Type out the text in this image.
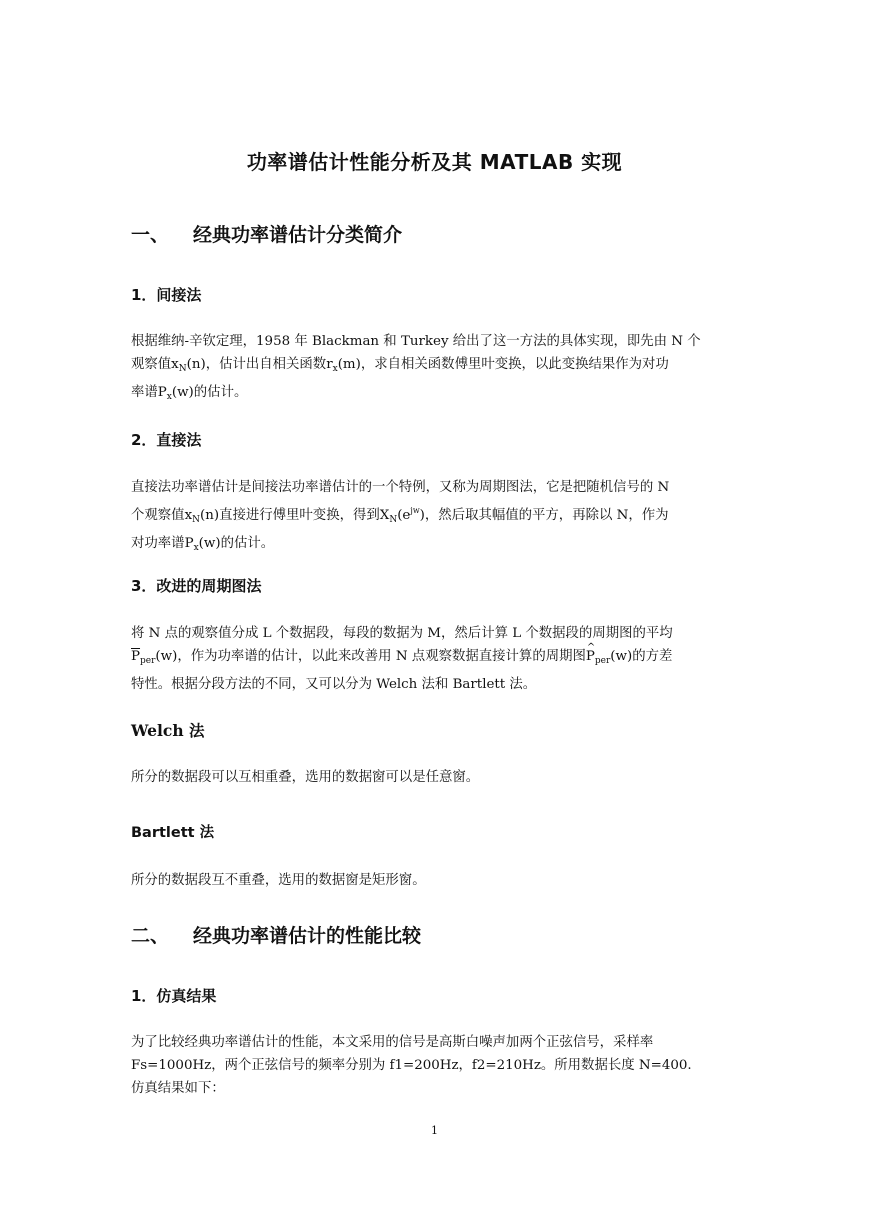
功率谱估计性能分析及其 MATLAB 实现
一、 经典功率谱估计分类简介
1．间接法
根据维纳-辛钦定理，1958 年 Blackman 和 Turkey 给出了这一方法的具体实现，即先由 N 个
观察值$x_N(n)$，估计出自相关函数$r_x(m)$，求自相关函数傅里叶变换，以此变换结果作为对功
率谱$P_x(w)$的估计。
2．直接法
直接法功率谱估计是间接法功率谱估计的一个特例，又称为周期图法，它是把随机信号的 N
个观察值$x_N(n)$直接进行傅里叶变换，得到$X_N(e^{jw})$，然后取其幅值的平方，再除以 N，作为
对功率谱$P_x(w)$的估计。
3．改进的周期图法
将 N 点的观察值分成 L 个数据段，每段的数据为 M，然后计算 L 个数据段的周期图的平均
$\overline{P}_{per}(w)$，作为功率谱的估计，以此来改善用 N 点观察数据直接计算的周期图^ $P_{per}(w)$的方差
特性。根据分段方法的不同，又可以分为 Welch 法和 Bartlett 法。
Welch 法
所分的数据段可以互相重叠，选用的数据窗可以是任意窗。
Bartlett 法
所分的数据段互不重叠，选用的数据窗是矩形窗。
二、 经典功率谱估计的性能比较
1．仿真结果
为了比较经典功率谱估计的性能，本文采用的信号是高斯白噪声加两个正弦信号，采样率
Fs=1000Hz，两个正弦信号的频率分别为 f1=200Hz，f2=210Hz。所用数据长度 N=400.
仿真结果如下：
1
